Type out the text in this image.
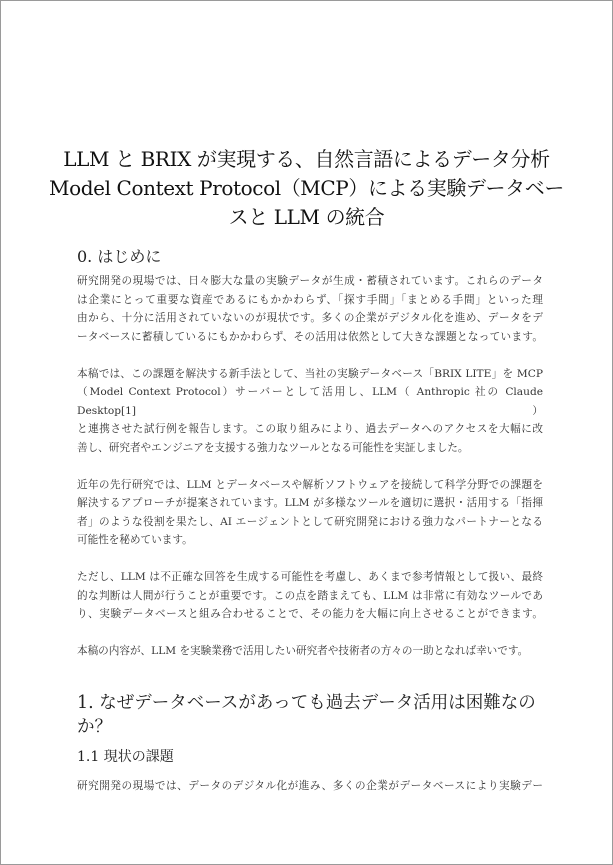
LLM と BRIX が実現する、自然言語によるデータ分析
Model Context Protocol（MCP）による実験データベー
スと LLM の統合
0. はじめに
研究開発の現場では、日々膨大な量の実験データが生成・蓄積されています。これらのデータ
は企業にとって重要な資産であるにもかかわらず、「探す手間」「まとめる手間」といった理
由から、十分に活用されていないのが現状です。多くの企業がデジタル化を進め、データをデ
ータベースに蓄積しているにもかかわらず、その活用は依然として大きな課題となっています。
本稿では、この課題を解決する新手法として、当社の実験データベース「BRIX LITE」を MCP
（Model Context Protocol）サーバーとして活用し、LLM（ Anthropic 社の Claude Desktop[1] ）
と連携させた試行例を報告します。この取り組みにより、過去データへのアクセスを大幅に改
善し、研究者やエンジニアを支援する強力なツールとなる可能性を実証しました。
近年の先行研究では、LLM とデータベースや解析ソフトウェアを接続して科学分野での課題を
解決するアプローチが提案されています。LLM が多様なツールを適切に選択・活用する「指揮
者」のような役割を果たし、AI エージェントとして研究開発における強力なパートナーとなる
可能性を秘めています。
ただし、LLM は不正確な回答を生成する可能性を考慮し、あくまで参考情報として扱い、最終
的な判断は人間が行うことが重要です。この点を踏まえても、LLM は非常に有効なツールであ
り、実験データベースと組み合わせることで、その能力を大幅に向上させることができます。
本稿の内容が、LLM を実験業務で活用したい研究者や技術者の方々の一助となれば幸いです。
1. なぜデータベースがあっても過去データ活用は困難なのか？
1.1 現状の課題
研究開発の現場では、データのデジタル化が進み、多くの企業がデータベースにより実験デー
